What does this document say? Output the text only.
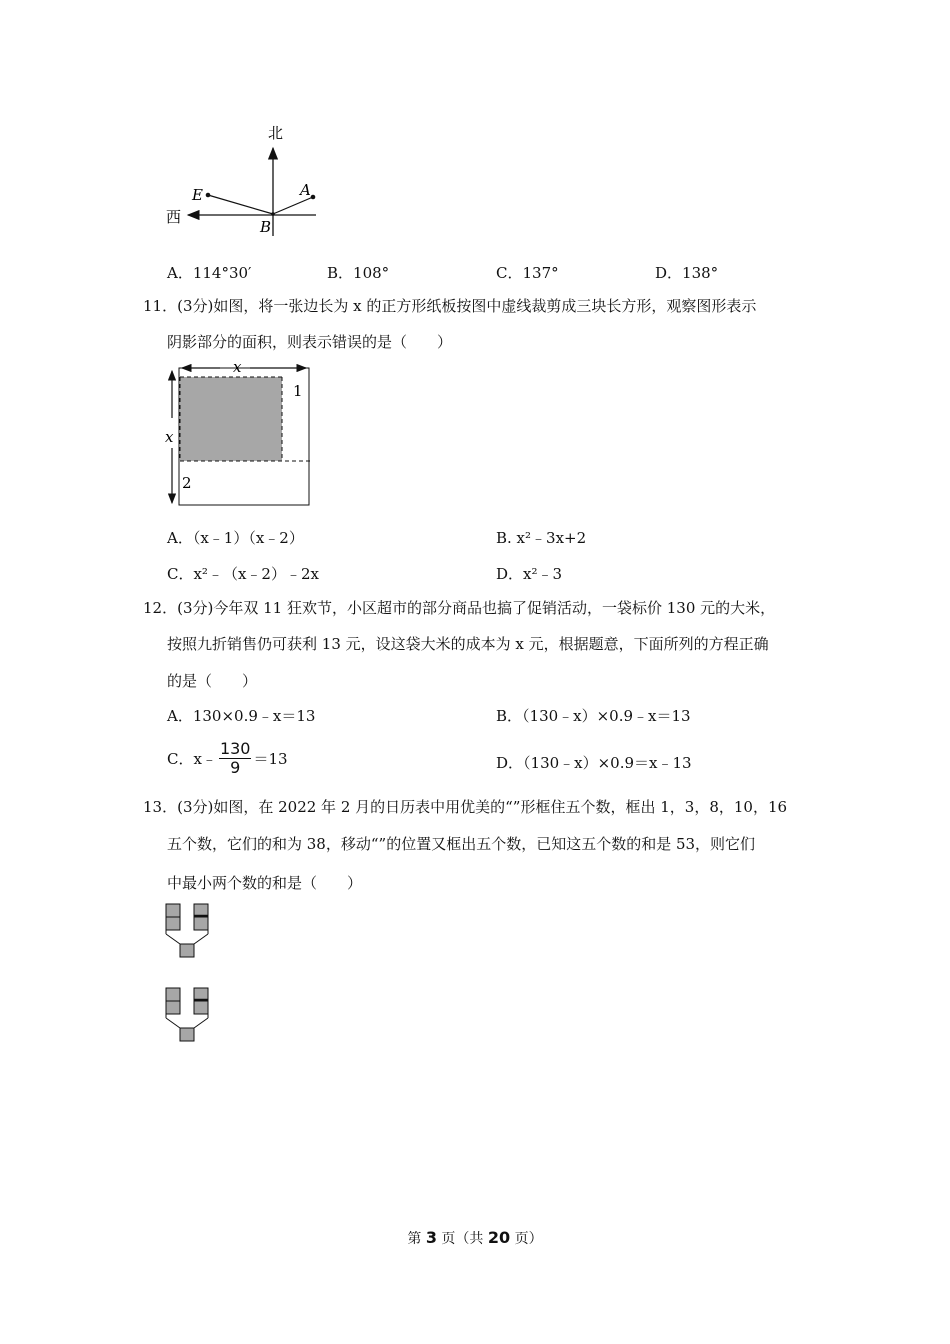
北
西
E	A
B
A．114°30′	B．108°	C．137°	D．138°
11．(3分)如图，将一张边长为 x 的正方形纸板按图中虚线裁剪成三块长方形，观察图形表示
阴影部分的面积，则表示错误的是（　　）
x
x
1
2
A．（x﹣1）（x﹣2）	B. x²﹣3x+2
C．x²﹣（x﹣2）﹣2x	D．x²﹣3
12．(3分)今年双 11 狂欢节，小区超市的部分商品也搞了促销活动，一袋标价 130 元的大米，
按照九折销售仍可获利 13 元，设这袋大米的成本为 x 元，根据题意，下面所列的方程正确
的是（　　）
A．130×0.9﹣x＝13	B．（130﹣x）×0.9﹣x＝13
C．x﹣ $\frac{130}{9} =13$	D．（130﹣x）×0.9＝x﹣13
13．(3分)如图，在 2022 年 2 月的日历表中用优美的“”形框住五个数，框出 1，3，8，10，16
五个数，它们的和为 38，移动“”的位置又框出五个数，已知这五个数的和是 53，则它们
中最小两个数的和是（　　）
第 3 页（共 20 页）
